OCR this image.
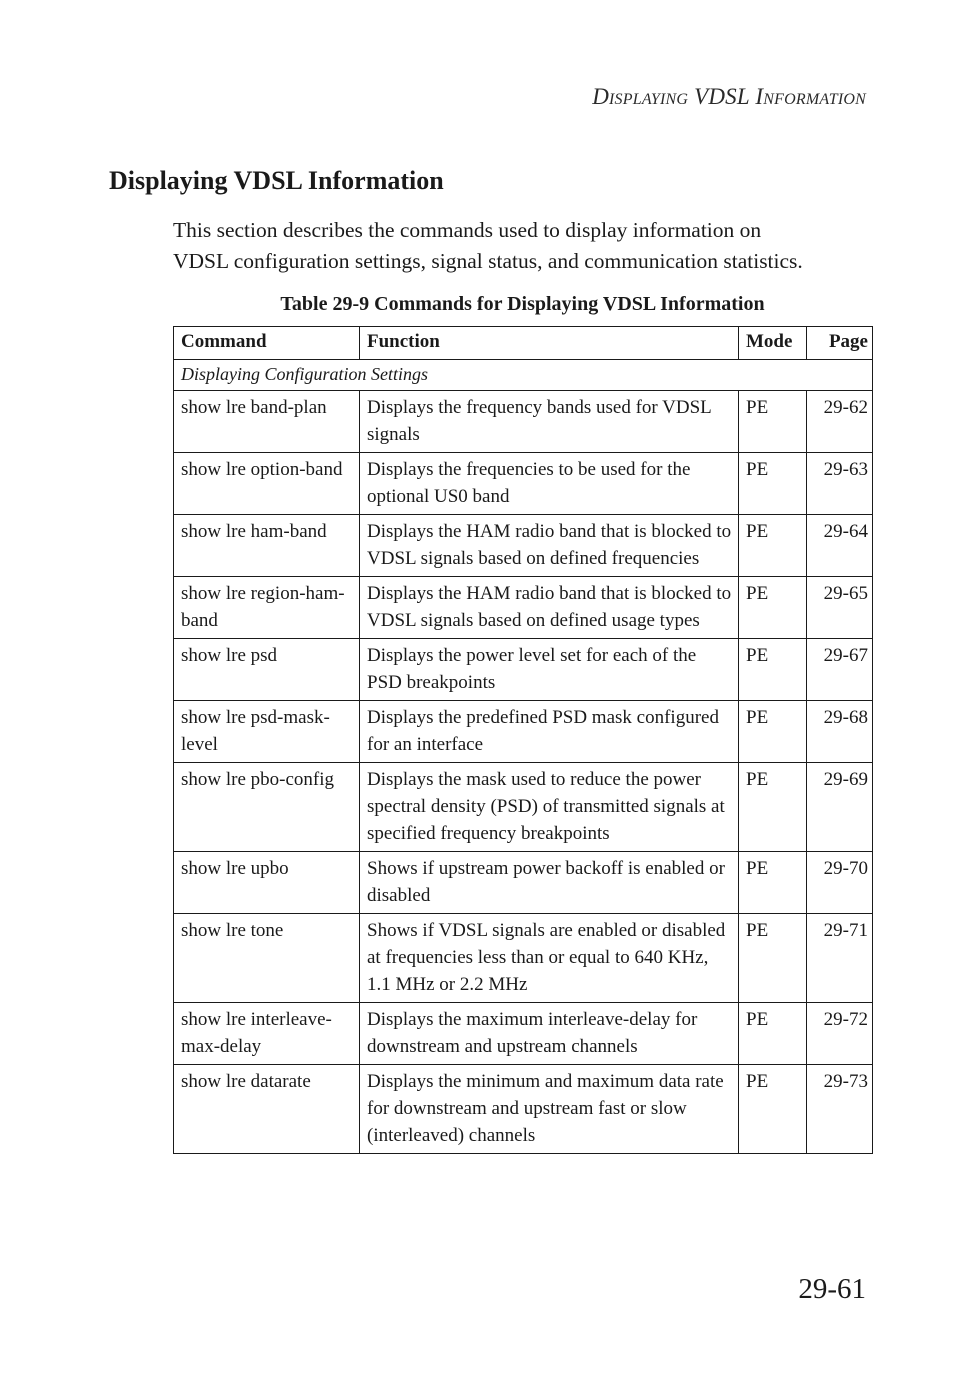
Displaying VDSL Information
Displaying VDSL Information

This section describes the commands used to display information on
VDSL configuration settings, signal status, and communication statistics.

Table 29-9 Commands for Displaying VDSL Information
Command	Function	Mode	Page
Displaying Configuration Settings			
show lre band-plan	Displays the frequency bands used for VDSL signals	PE	29-62
show lre option-band	Displays the frequencies to be used for the optional US0 band	PE	29-63
show lre ham-band	Displays the HAM radio band that is blocked to VDSL signals based on defined frequencies	PE	29-64
show lre region-ham-band	Displays the HAM radio band that is blocked to VDSL signals based on defined usage types	PE	29-65
show lre psd	Displays the power level set for each of the PSD breakpoints	PE	29-67
show lre psd-mask-level	Displays the predefined PSD mask configured for an interface	PE	29-68
show lre pbo-config	Displays the mask used to reduce the power spectral density (PSD) of transmitted signals at specified frequency breakpoints	PE	29-69
show lre upbo	Shows if upstream power backoff is enabled or disabled	PE	29-70
show lre tone	Shows if VDSL signals are enabled or disabled at frequencies less than or equal to 640 KHz, 1.1 MHz or 2.2 MHz	PE	29-71
show lre interleave-max-delay	Displays the maximum interleave-delay for downstream and upstream channels	PE	29-72
show lre datarate	Displays the minimum and maximum data rate for downstream and upstream fast or slow (interleaved) channels	PE	29-73
29-61
